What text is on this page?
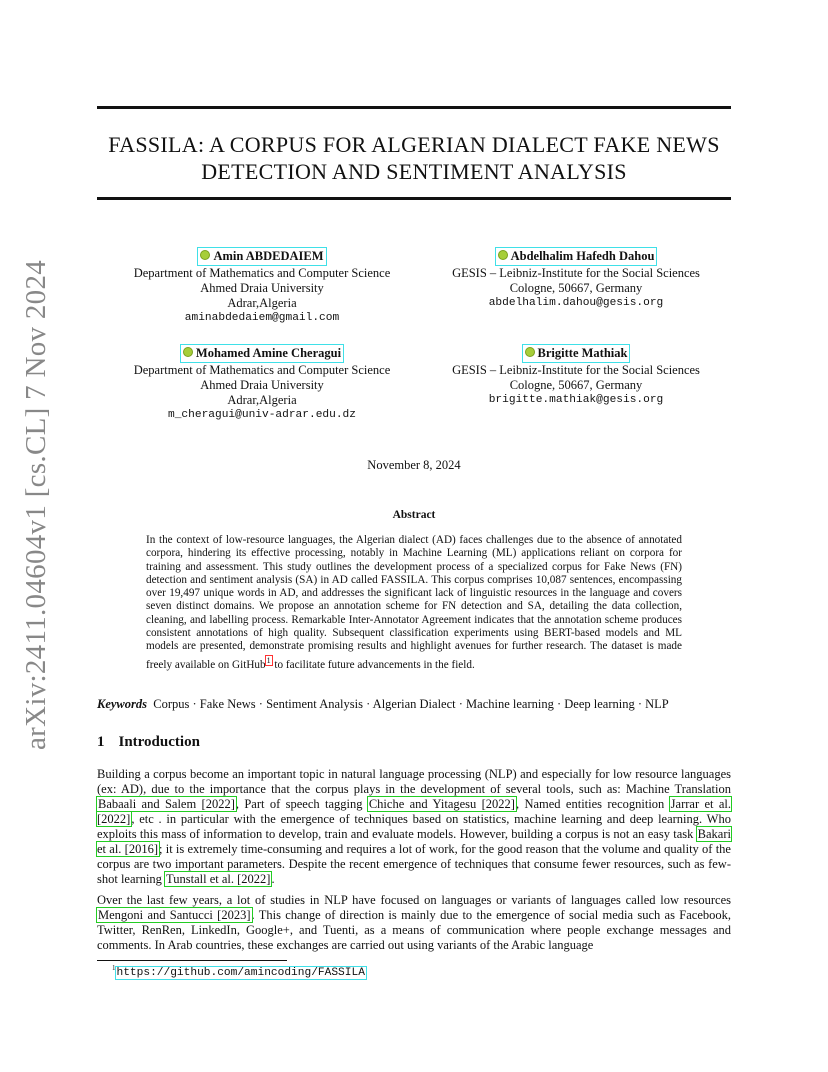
arXiv:2411.04604v1 [cs.CL] 7 Nov 2024
FASSILA: A CORPUS FOR ALGERIAN DIALECT FAKE NEWS
DETECTION AND SENTIMENT ANALYSIS
Amin ABDEDAIEM
Department of Mathematics and Computer Science
Ahmed Draia University
Adrar,Algeria
aminabdedaiem@gmail.com
Abdelhalim Hafedh Dahou
GESIS – Leibniz-Institute for the Social Sciences
Cologne, 50667, Germany
abdelhalim.dahou@gesis.org
Mohamed Amine Cheragui
Department of Mathematics and Computer Science
Ahmed Draia University
Adrar,Algeria
m_cheragui@univ-adrar.edu.dz
Brigitte Mathiak
GESIS – Leibniz-Institute for the Social Sciences
Cologne, 50667, Germany
brigitte.mathiak@gesis.org
November 8, 2024
Abstract
In the context of low-resource languages, the Algerian dialect (AD) faces challenges due to the absence of annotated corpora, hindering its effective processing, notably in Machine Learning (ML) applications reliant on corpora for training and assessment. This study outlines the development process of a specialized corpus for Fake News (FN) detection and sentiment analysis (SA) in AD called FASSILA. This corpus comprises 10,087 sentences, encompassing over 19,497 unique words in AD, and addresses the significant lack of linguistic resources in the language and covers seven distinct domains. We propose an annotation scheme for FN detection and SA, detailing the data collection, cleaning, and labelling process. Remarkable Inter-Annotator Agreement indicates that the annotation scheme produces consistent annotations of high quality. Subsequent classification experiments using BERT-based models and ML models are presented, demonstrate promising results and highlight avenues for further research. The dataset is made freely available on GitHub$^1$ to facilitate future advancements in the field.
Keywords Corpus · Fake News · Sentiment Analysis · Algerian Dialect · Machine learning · Deep learning · NLP
1 Introduction
Building a corpus become an important topic in natural language processing (NLP) and especially for low resource languages (ex: AD), due to the importance that the corpus plays in the development of several tools, such as: Machine Translation Babaali and Salem [2022], Part of speech tagging Chiche and Yitagesu [2022], Named entities recognition Jarrar et al. [2022], etc . in particular with the emergence of techniques based on statistics, machine learning and deep learning. Who exploits this mass of information to develop, train and evaluate models. However, building a corpus is not an easy task Bakari et al. [2016]; it is extremely time-consuming and requires a lot of work, for the good reason that the volume and quality of the corpus are two important parameters. Despite the recent emergence of techniques that consume fewer resources, such as few-shot learning Tunstall et al. [2022].
Over the last few years, a lot of studies in NLP have focused on languages or variants of languages called low resources Mengoni and Santucci [2023]. This change of direction is mainly due to the emergence of social media such as Facebook, Twitter, RenRen, LinkedIn, Google+, and Tuenti, as a means of communication where people exchange messages and comments. In Arab countries, these exchanges are carried out using variants of the Arabic language
$^1$https://github.com/amincoding/FASSILA
